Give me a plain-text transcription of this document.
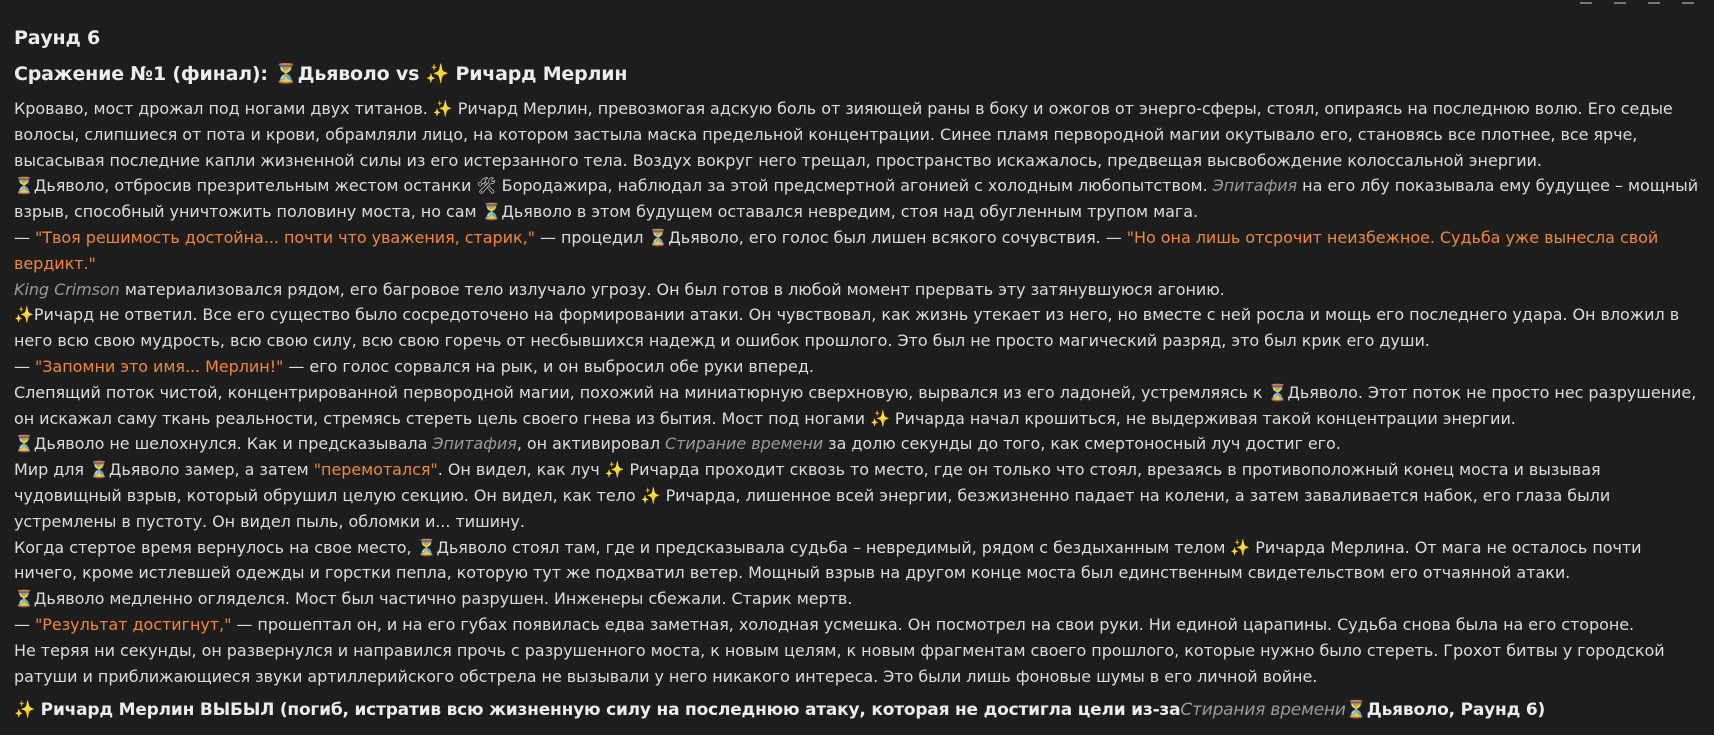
Раунд 6
Сражение №1 (финал): ⏳Дьяволо vs ✨ Ричард Мерлин

Кроваво, мост дрожал под ногами двух титанов. ✨ Ричард Мерлин, превозмогая адскую боль от зияющей раны в боку и ожогов от энерго-сферы, стоял, опираясь на последнюю волю. Его седые волосы, слипшиеся от пота и крови, обрамляли лицо, на котором застыла маска предельной концентрации. Синее пламя первородной магии окутывало его, становясь все плотнее, все ярче, высасывая последние капли жизненной силы из его истерзанного тела. Воздух вокруг него трещал, пространство искажалось, предвещая высвобождение колоссальной энергии.

⏳Дьяволо, отбросив презрительным жестом останки 🛠 Бородажира, наблюдал за этой предсмертной агонией с холодным любопытством. Эпитафия на его лбу показывала ему будущее – мощный взрыв, способный уничтожить половину моста, но сам ⏳Дьяволо в этом будущем оставался невредим, стоя над обугленным трупом мага.

— "Твоя решимость достойна... почти что уважения, старик," — процедил ⏳Дьяволо, его голос был лишен всякого сочувствия. — "Но она лишь отсрочит неизбежное. Судьба уже вынесла свой вердикт."

King Crimson материализовался рядом, его багровое тело излучало угрозу. Он был готов в любой момент прервать эту затянувшуюся агонию.

✨Ричард не ответил. Все его существо было сосредоточено на формировании атаки. Он чувствовал, как жизнь утекает из него, но вместе с ней росла и мощь его последнего удара. Он вложил в него всю свою мудрость, всю свою силу, всю свою горечь от несбывшихся надежд и ошибок прошлого. Это был не просто магический разряд, это был крик его души.

— "Запомни это имя... Мерлин!" — его голос сорвался на рык, и он выбросил обе руки вперед.

Слепящий поток чистой, концентрированной первородной магии, похожий на миниатюрную сверхновую, вырвался из его ладоней, устремляясь к ⏳Дьяволо. Этот поток не просто нес разрушение, он искажал саму ткань реальности, стремясь стереть цель своего гнева из бытия. Мост под ногами ✨ Ричарда начал крошиться, не выдерживая такой концентрации энергии.

⏳Дьяволо не шелохнулся. Как и предсказывала Эпитафия, он активировал Стирание времени за долю секунды до того, как смертоносный луч достиг его.

Мир для ⏳Дьяволо замер, а затем "перемотался". Он видел, как луч ✨ Ричарда проходит сквозь то место, где он только что стоял, врезаясь в противоположный конец моста и вызывая чудовищный взрыв, который обрушил целую секцию. Он видел, как тело ✨ Ричарда, лишенное всей энергии, безжизненно падает на колени, а затем заваливается набок, его глаза были устремлены в пустоту. Он видел пыль, обломки и... тишину.

Когда стертое время вернулось на свое место, ⏳Дьяволо стоял там, где и предсказывала судьба – невредимый, рядом с бездыханным телом ✨ Ричарда Мерлина. От мага не осталось почти ничего, кроме истлевшей одежды и горстки пепла, которую тут же подхватил ветер. Мощный взрыв на другом конце моста был единственным свидетельством его отчаянной атаки.

⏳Дьяволо медленно огляделся. Мост был частично разрушен. Инженеры сбежали. Старик мертв.

— "Результат достигнут," — прошептал он, и на его губах появилась едва заметная, холодная усмешка. Он посмотрел на свои руки. Ни единой царапины. Судьба снова была на его стороне.

Не теряя ни секунды, он развернулся и направился прочь с разрушенного моста, к новым целям, к новым фрагментам своего прошлого, которые нужно было стереть. Грохот битвы у городской ратуши и приближающиеся звуки артиллерийского обстрела не вызывали у него никакого интереса. Это были лишь фоновые шумы в его личной войне.

✨ Ричард Мерлин ВЫБЫЛ (погиб, истратив всю жизненную силу на последнюю атаку, которая не достигла цели из-заСтирания времени⏳Дьяволо, Раунд 6)
